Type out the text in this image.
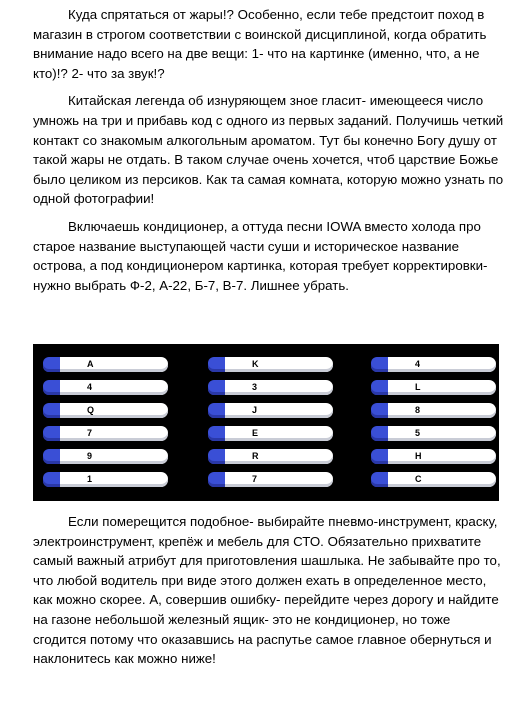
Куда спрятаться от жары!? Особенно, если тебе предстоит поход в магазин в строгом соответствии с воинской дисциплиной, когда обратить внимание надо всего на две вещи: 1- что на картинке (именно, что, а не кто)!? 2- что за звук!?

Китайская легенда об изнуряющем зное гласит- имеющееся число умножь на три и прибавь код с одного из первых заданий. Получишь четкий контакт со знакомым алкогольным ароматом. Тут бы конечно Богу душу от такой жары не отдать. В таком случае очень хочется, чтоб царствие Божье было целиком из персиков. Как та самая комната, которую можно узнать по одной фотографии!

Включаешь кондиционер, а оттуда песни IOWA вместо холода про старое название выступающей части суши и историческое название острова, а под кондиционером картинка, которая требует корректировки- нужно выбрать Ф-2, А-22, Б-7, В-7. Лишнее убрать.

Если померещится подобное- выбирайте пневмо-инструмент, краску, электроинструмент, крепёж и мебель для СТО. Обязательно прихватите самый важный атрибут для приготовления шашлыка. Не забывайте про то, что любой водитель при виде этого должен ехать в определенное место, как можно скорее. А, совершив ошибку- перейдите через дорогу и найдите на газоне небольшой железный ящик- это не кондиционер, но тоже сгодится потому что оказавшись на распутье самое главное обернуться и наклонитесь как можно ниже!

A
4
Q
7
9
1
K
3
J
E
R
7
4
L
8
5
H
C
